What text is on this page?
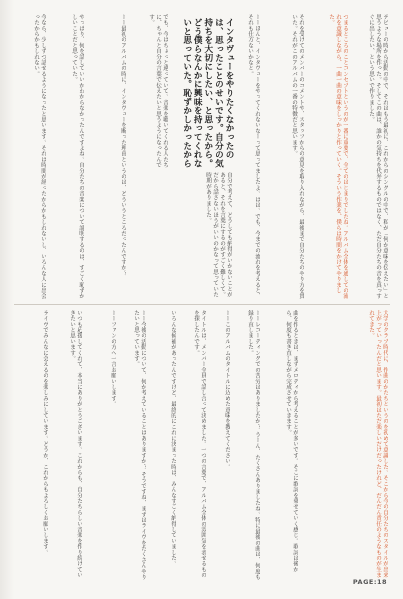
インタヴューをやりたくなかったのは、思ったことのせいです。自分の気持ちを大切にしたい、と思ったから。どう僕らなんかに興味を持ってくれないと思っていた。恥ずかしかったから	デビューの時から活動の中で、それはもう最初に、これからのシングルの中で、私が「何か意味を伝えたい」と思うような場所を作った。そしてこの曲は、誰かの気持ちを代弁するものではなく、ただ自分たちの音を真っすぐに出したい、という思いで作りました。
つまるところのことコンセプトというのが一番に重要で、全てのはじまりでしたね。アルバム全体を通しての流れを意識しながら、一曲一曲の意味をしっかりと作っていく。そういう作業を、僕らは時間をかけてやりました。
それを受けてのメンバーのコメントや、スタッフからの意見を取り入れながら、最後まで自分たちのやり方を貫いた。それがこのアルバムの一番の特徴だと思います。
ーーほんと、インタヴューをやってくれないなーって思ってましたよ。はは。でも、今までの流れを考えると、それも仕方ないかなと。
自分で考えて、どうしても納得がいかないことがあると、それを言葉にするのがすごく難しくて。だから話さないほうがいいのかなって思っていた時期がありました。
でも、今はちょっと違っていて。音楽を聴いてくれる人たちに、ちゃんと自分の言葉で伝えたいと思うようになったんです。
ーー最初のアルバムの時に、インタヴューを断った理由というのは、どういうところだったんですか？
やっぱり、何を話していいかわからなかったんですよね。自分たちの音楽について説明するのは、すごく恥ずかしいことだと思っていた。
今なら、少しずつ話せるようになったと思います。それは時間が経ったからかもしれないし、いろんな人に出会ったからかもしれない。
大学のクラブ時代に、作曲のかたちというのを初めて意識した。そこから今の自分たちのスタイルが出来上がっていったんだと思います。最初はただ楽しいだけだったけれど、だんだん責任のようなものが生まれてきた。
曲を作るときは、まずメロディから考えることが多いです。そこに歌詞を乗せていく感じ。歌詞は後から、何度も書き直しながら完成させていきます。
ーーレコーディングでの苦労はありましたか？ うーん、たくさんありましたね。特に最後の曲は、何度も録り直しました。
ーーこのアルバムのタイトルに込めた意味を教えてください。
タイトルは、メンバー全員で話し合って決めました。一つの言葉で、アルバム全体の雰囲気を表せるものを探したんです。
いろんな候補があったんですけど、最終的にこれに決まった時は、みんなすごく納得していました。
ーー今後の活動について、何か考えていることはありますか？ そうですね、まずはライヴをたくさんやりたいと思っています。
ーーファンの方へ一言お願いします。
いつも応援してくれて、本当にありがとうございます。これからも、自分たちらしい音楽を作り続けていきたいと思います。
ライヴでみんなに会えるのを楽しみにしています。どうか、これからもよろしくお願いします。
PAGE:18
